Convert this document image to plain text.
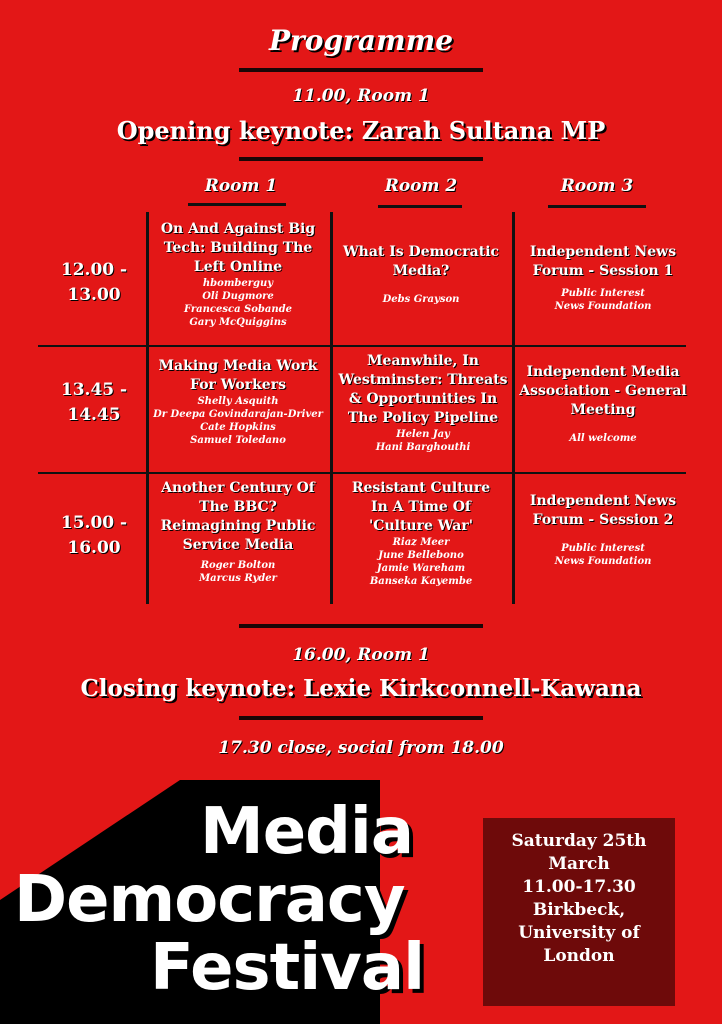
Programme
11.00, Room 1
Opening keynote: Zarah Sultana MP
Room 1	Room 2	Room 3
12.00 -
13.00
13.45 -
14.45
15.00 -
16.00
On And Against Big Tech: Building The Left Online
hbomberguy
Oli Dugmore
Francesca Sobande
Gary McQuiggins
What Is Democratic Media?
Debs Grayson
Independent News Forum - Session 1
Public Interest News Foundation
Making Media Work For Workers
Shelly Asquith
Dr Deepa Govindarajan-Driver
Cate Hopkins
Samuel Toledano
Meanwhile, In Westminster: Threats & Opportunities In The Policy Pipeline
Helen Jay
Hani Barghouthi
Independent Media Association - General Meeting
All welcome
Another Century Of The BBC? Reimagining Public Service Media
Roger Bolton
Marcus Ryder
Resistant Culture In A Time Of 'Culture War'
Riaz Meer
June Bellebono
Jamie Wareham
Banseka Kayembe
Independent News Forum - Session 2
Public Interest News Foundation
16.00, Room 1
Closing keynote: Lexie Kirkconnell-Kawana
17.30 close, social from 18.00
Media
Democracy
Festival
Saturday 25th
March
11.00-17.30
Birkbeck,
University of
London
